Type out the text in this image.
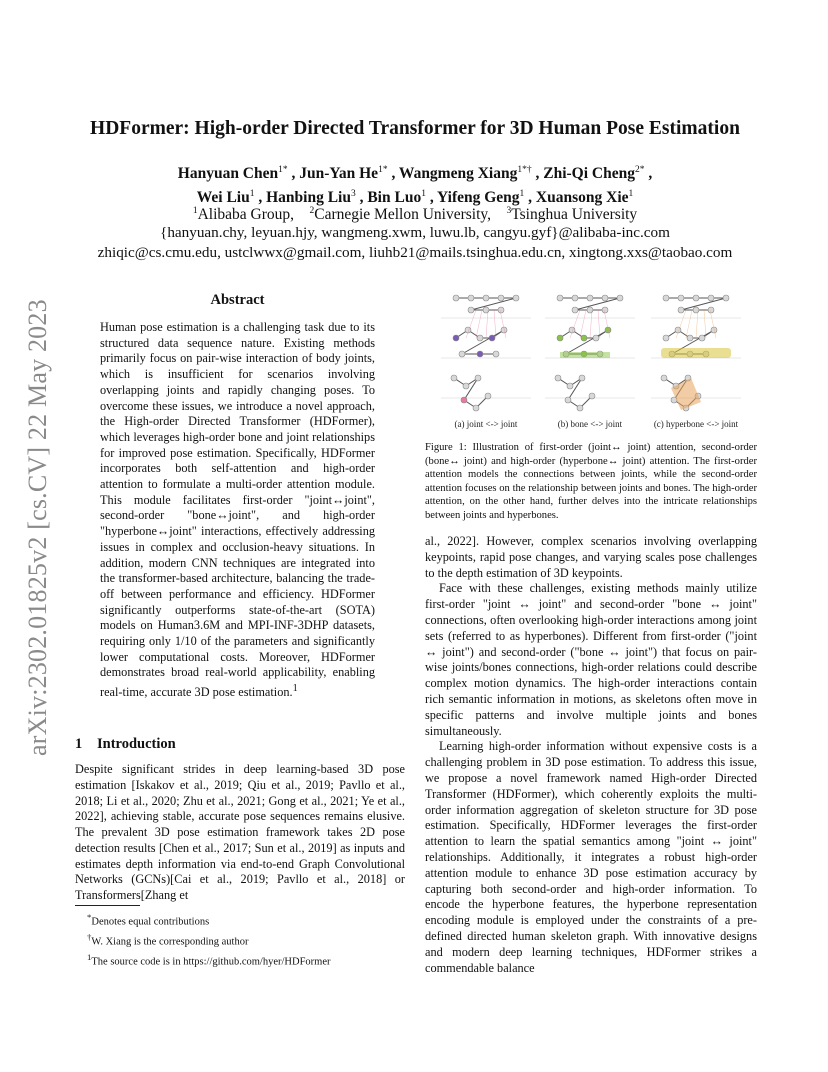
arXiv:2302.01825v2 [cs.CV] 22 May 2023
HDFormer: High-order Directed Transformer for 3D Human Pose Estimation
Hanyuan Chen$^{1*}$ , Jun-Yan $He^{1*}$ , Wangmeng Xiang$^{1*\dagger}$ , Zhi-Qi Cheng$^{2*}$ ,
Wei Liu$^1$ , Hanbing Liu$^3$ , Bin Luo$^1$ , Yifeng Geng$^1$ , Xuansong Xie$^1$
$^1$Alibaba Group, $^2$Carnegie Mellon University, $^3$Tsinghua University
{hanyuan.chy, leyuan.hjy, wangmeng.xwm, luwu.lb, cangyu.gyf}@alibaba-inc.com
zhiqic@cs.cmu.edu, ustclwwx@gmail.com, liuhb21@mails.tsinghua.edu.cn, xingtong.xxs@taobao.com
Abstract

Human pose estimation is a challenging task due to its structured data sequence nature. Existing methods primarily focus on pair-wise interaction of body joints, which is insufficient for scenarios involving overlapping joints and rapidly changing poses. To overcome these issues, we introduce a novel approach, the High-order Directed Transformer (HDFormer), which leverages high-order bone and joint relationships for improved pose estimation. Specifically, HDFormer incorporates both self-attention and high-order attention to formulate a multi-order attention module. This module facilitates first-order "joint↔joint", second-order "bone↔joint", and high-order "hyperbone↔joint" interactions, effectively addressing issues in complex and occlusion-heavy situations. In addition, modern CNN techniques are integrated into the transformer-based architecture, balancing the trade-off between performance and efficiency. HDFormer significantly outperforms state-of-the-art (SOTA) models on Human3.6M and MPI-INF-3DHP datasets, requiring only 1/10 of the parameters and significantly lower computational costs. Moreover, HDFormer demonstrates broad real-world applicability, enabling real-time, accurate 3D pose estimation.$^1$

1 Introduction

Despite significant strides in deep learning-based 3D pose estimation [Iskakov et al., 2019; Qiu et al., 2019; Pavllo et al., 2018; Li et al., 2020; Zhu et al., 2021; Gong et al., 2021; Ye et al., 2022], achieving stable, accurate pose sequences remains elusive. The prevalent 3D pose estimation framework takes 2D pose detection results [Chen et al., 2017; Sun et al., 2019] as inputs and estimates depth information via end-to-end Graph Convolutional Networks (GCNs)[Cai et al., 2019; Pavllo et al., 2018] or Transformers[Zhang et

*Denotes equal contributions
†W. Xiang is the corresponding author
$^1$The source code is in https://github.com/hyer/HDFormer
(a) joint <-> joint	(b) bone <-> joint	(c) hyperbone <-> joint
Figure 1: Illustration of first-order (joint↔ joint) attention, second-order (bone↔ joint) and high-order (hyperbone↔ joint) attention. The first-order attention models the connections between joints, while the second-order attention focuses on the relationship between joints and bones. The high-order attention, on the other hand, further delves into the intricate relationships between joints and hyperbones.

al., 2022]. However, complex scenarios involving overlapping keypoints, rapid pose changes, and varying scales pose challenges to the depth estimation of 3D keypoints.

Face with these challenges, existing methods mainly utilize first-order "joint ↔ joint" and second-order "bone ↔ joint" connections, often overlooking high-order interactions among joint sets (referred to as hyperbones). Different from first-order ("joint ↔ joint") and second-order ("bone ↔ joint") that focus on pair-wise joints/bones connections, high-order relations could describe complex motion dynamics. The high-order interactions contain rich semantic information in motions, as skeletons often move in specific patterns and involve multiple joints and bones simultaneously.

Learning high-order information without expensive costs is a challenging problem in 3D pose estimation. To address this issue, we propose a novel framework named High-order Directed Transformer (HDFormer), which coherently exploits the multi-order information aggregation of skeleton structure for 3D pose estimation. Specifically, HDFormer leverages the first-order attention to learn the spatial semantics among "joint ↔ joint" relationships. Additionally, it integrates a robust high-order attention module to enhance 3D pose estimation accuracy by capturing both second-order and high-order information. To encode the hyperbone features, the hyperbone representation encoding module is employed under the constraints of a pre-defined directed human skeleton graph. With innovative designs and modern deep learning techniques, HDFormer strikes a commendable balance
